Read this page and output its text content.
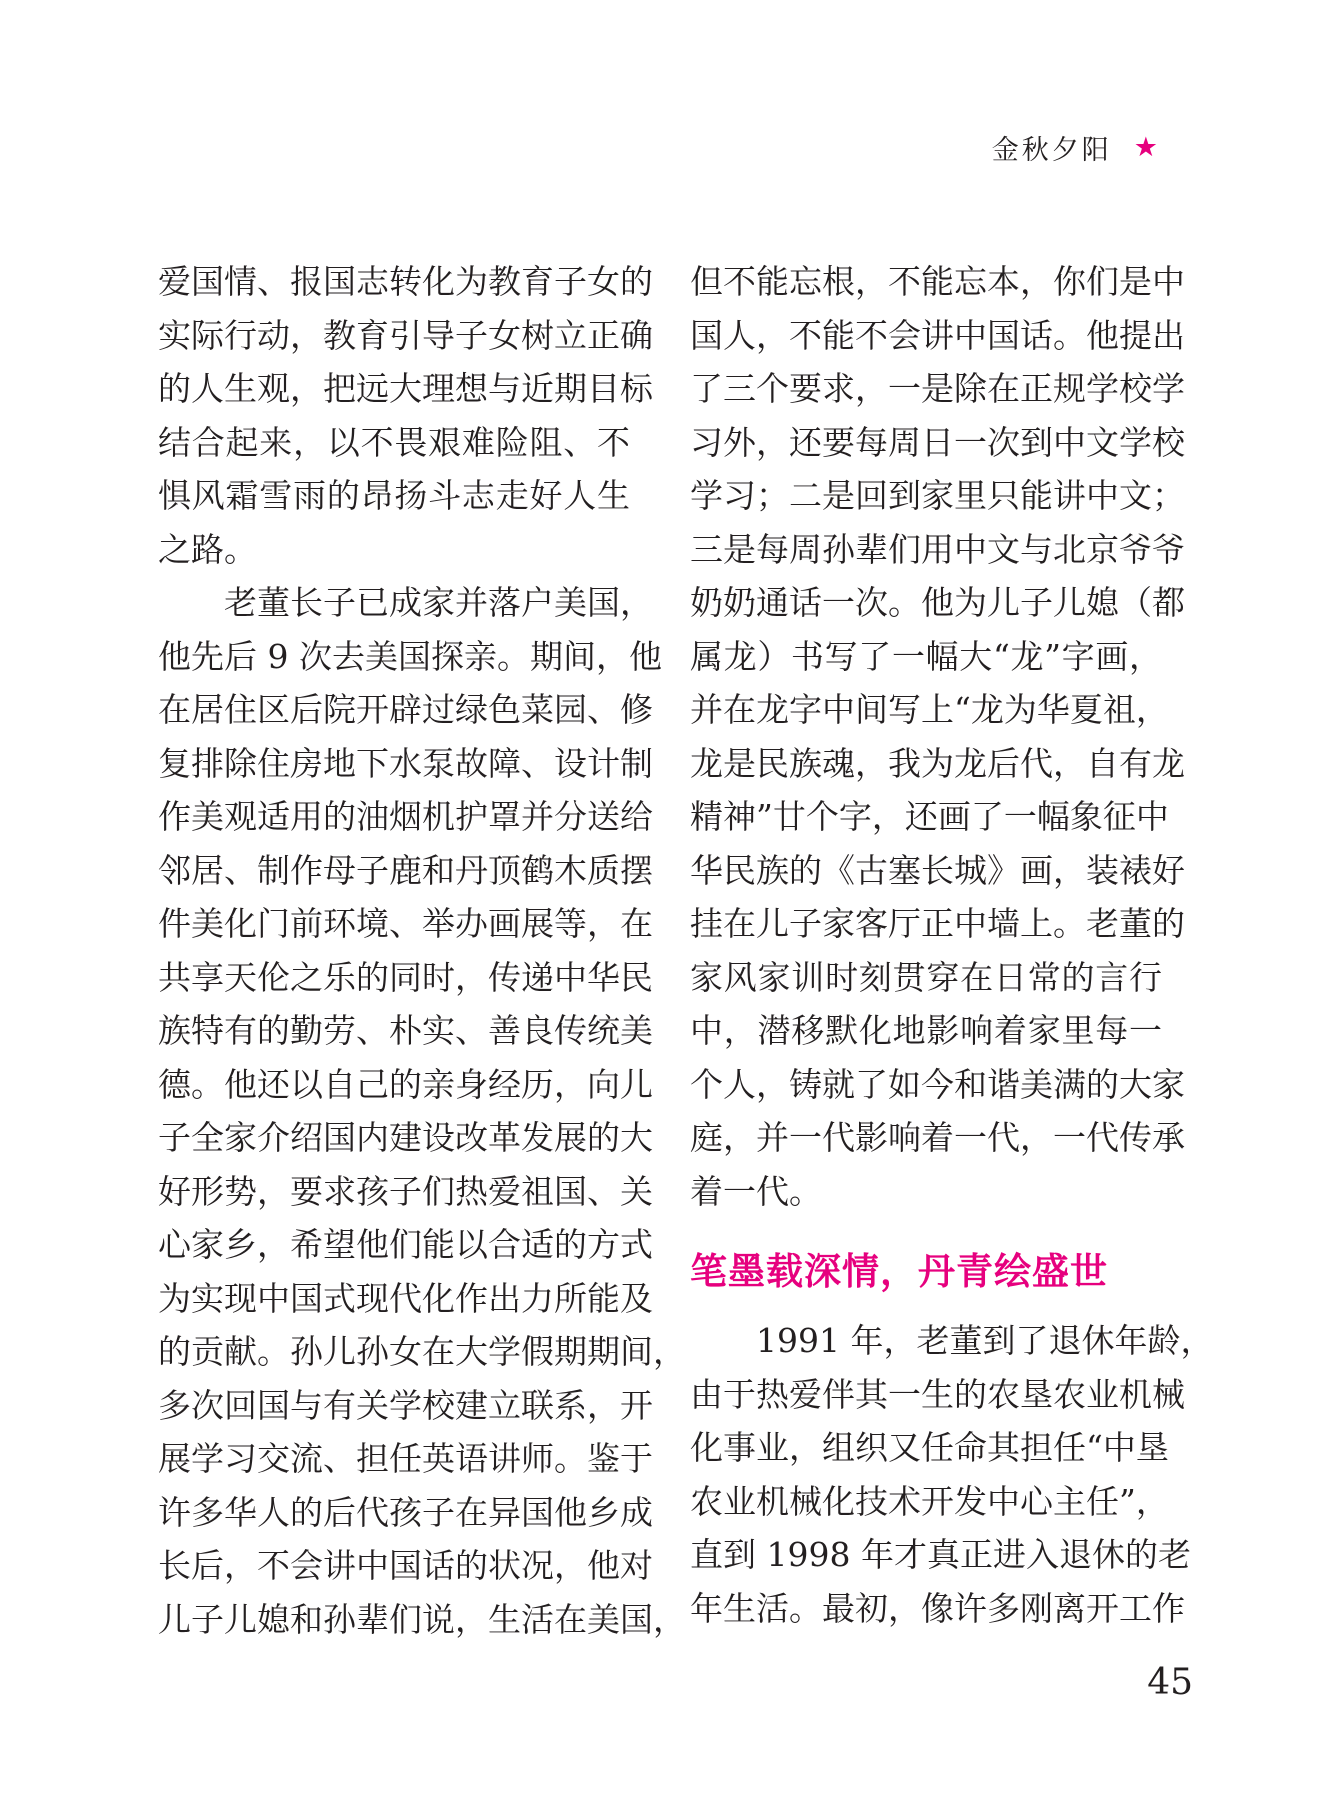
金秋夕阳 ★
爱国情、报国志转化为教育子女的
实际行动，教育引导子女树立正确
的人生观，把远大理想与近期目标
结合起来，以不畏艰难险阻、不
惧风霜雪雨的昂扬斗志走好人生
之路。
老董长子已成家并落户美国，
他先后 9 次去美国探亲。期间，他
在居住区后院开辟过绿色菜园、修
复排除住房地下水泵故障、设计制
作美观适用的油烟机护罩并分送给
邻居、制作母子鹿和丹顶鹤木质摆
件美化门前环境、举办画展等，在
共享天伦之乐的同时，传递中华民
族特有的勤劳、朴实、善良传统美
德。他还以自己的亲身经历，向儿
子全家介绍国内建设改革发展的大
好形势，要求孩子们热爱祖国、关
心家乡，希望他们能以合适的方式
为实现中国式现代化作出力所能及
的贡献。孙儿孙女在大学假期期间，
多次回国与有关学校建立联系，开
展学习交流、担任英语讲师。鉴于
许多华人的后代孩子在异国他乡成
长后，不会讲中国话的状况，他对
儿子儿媳和孙辈们说，生活在美国，
但不能忘根，不能忘本，你们是中
国人，不能不会讲中国话。他提出
了三个要求，一是除在正规学校学
习外，还要每周日一次到中文学校
学习；二是回到家里只能讲中文；
三是每周孙辈们用中文与北京爷爷
奶奶通话一次。他为儿子儿媳（都
属龙）书写了一幅大“龙”字画，
并在龙字中间写上“龙为华夏祖，
龙是民族魂，我为龙后代，自有龙
精神”廿个字，还画了一幅象征中
华民族的《古塞长城》画，装裱好
挂在儿子家客厅正中墙上。老董的
家风家训时刻贯穿在日常的言行
中，潜移默化地影响着家里每一
个人，铸就了如今和谐美满的大家
庭，并一代影响着一代，一代传承
着一代。
笔墨载深情，丹青绘盛世
1991 年，老董到了退休年龄，
由于热爱伴其一生的农垦农业机械
化事业，组织又任命其担任“中垦
农业机械化技术开发中心主任”，
直到 1998 年才真正进入退休的老
年生活。最初，像许多刚离开工作
45
